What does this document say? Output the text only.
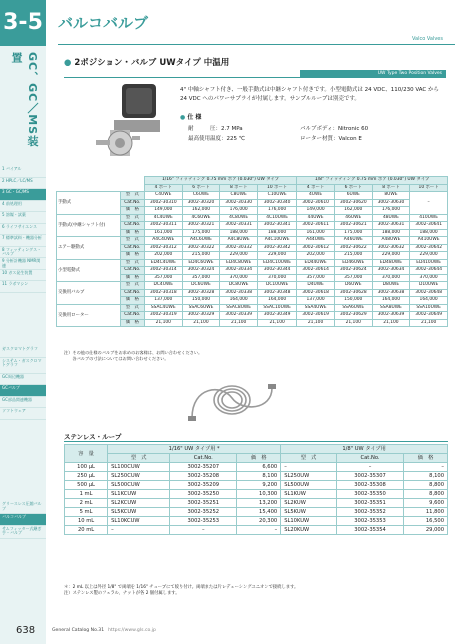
3-5
GC、GC／MS装置
1 バイアル
2 HPLC／LC/MS
3 GC・GC/MS
4 前処理用
5 溶媒・試薬
6 ライフサイエンス
7 標準試料・機器分析
8 フィッティングス・バルブ
9 分析計機器 NMR関連
10 ガス発生装置
11 ラボマシン
ガスクロマトグラフ
システム・ガスクロマトグラフ
GC周辺機器
GCバルブ
GC部品関連機器
ソフトウェア
グリースレス圧縮バルブ
バルコバルブ
サムフィッター式継ぎ手・バルブ
バルコバルブ
Valco Valves
● 2ポジション・バルブ UWタイプ 中温用
UW Type Two Position Valves
4" 中軸シャフト付き、一般手動式は中継シャフト付きです。小型電動式は 24 VDC、110/230 VAC から 24 VDC へのパワーサプライが付属します。サンプルループは別売です。
● 仕 様
耐　　　圧：2.7 MPa	バルブボディ：Nitronic 60
最高使用温度：225 ℃	ローター材質：Valcon E
		1/16" フィッティング 0.75 mm ボア (0.030") UW タイプ				1/8" フィッティング 0.75 mm ボア (0.030") UW タイプ			
		4 ポート	6 ポート	8 ポート	10 ポート	4 ポート	6 ポート	8 ポート	10 ポート
手動式	型　式	C4UWE	C6UWE	C8UWE	C10UWE	4UWE	6UWE	8UWE	–
	Cat.No.	3002-30310	3002-30320	3002-30330	3002-30340	3002-30610	3002-30620	3002-30630	
	価　格	149,000	162,000	176,000	176,000	149,000	162,000	176,000	
手動式(中継シャフト付)	型　式	4C4UWE	4C6UWE	4C8UWE	4C10UWE	44UWE	46UWE	48UWE	410UWE
	Cat.No.	3002-30311	3002-30321	3002-30331	3002-30341	3002-30611	3002-30621	3002-30631	3002-30641
	価　格	161,000	175,000	188,000	188,000	161,000	175,000	188,000	188,000
エアー駆動式	型　式	A4C4UWE	A4C6UWE	A4C8UWE	A4C10UWE	A44UWE	A46UWE	A48UWE	A410UWE
	Cat.No.	3002-30312	3002-30322	3002-30332	3002-30342	3002-30612	3002-30622	3002-30632	3002-30642
	価　格	202,000	215,000	229,000	229,000	202,000	215,000	229,000	229,000
小型電動式	型　式	ED4C4UWE	ED4C6UWE	ED4C8UWE	ED4C10UWE	ED44UWE	ED46UWE	ED48UWE	ED410UWE
	Cat.No.	3002-30314	3002-30324	3002-30334	3002-30344	3002-30614	3002-30624	3002-30634	3002-30644
	価　格	357,000	357,000	370,000	370,000	357,000	357,000	370,000	370,000
交換用バルブ	型　式	DC4UWE	DC6UWE	DC8UWE	DC10UWE	D4UWE	D6UWE	D8UWE	D10UWE
	Cat.No.	3002-30318	3002-30328	3002-30338	3002-30348	3002-30618	3002-30628	3002-30638	3002-30648
	価　格	137,000	150,000	164,000	164,000	137,000	150,000	164,000	164,000
交換用ローター	型　式	SSAC4UWE	SSAC6UWE	SSAC8UWE	SSAC10UWE	SSA4UWE	SSA6UWE	SSA8UWE	SSA10UWE
	Cat.No.	3002-30319	3002-30329	3002-30339	3002-30349	3002-30619	3002-30629	3002-30639	3002-30649
	価　格	21,100	21,100	21,100	21,100	21,100	21,100	21,100	21,100
注）その他の仕様のバルブをお求めのお客様は、お問い合わせください。
　　各バルブの寸法についてはお問い合わせください。
ステンレス・ループ
容　量	1/16" UW タイプ用 *			1/8" UW タイプ用		
	型　式	Cat.No.	価　格	型　式	Cat.No.	価　格
100 μL	SL100CUW	3002-35207	6,600	–	–	–
250 μL	SL250CUW	3002-35208	8,100	SL250UW	3002-35307	8,100
500 μL	SL500CUW	3002-35209	9,200	SL500UW	3002-35308	8,800
1 mL	SL1KCUW	3002-35250	10,300	SL1KUW	3002-35350	8,800
2 mL	SL2KCUW	3002-35251	13,200	SL2KUW	3002-35351	9,600
5 mL	SL5KCUW	3002-35252	15,400	SL5KUW	3002-35352	11,800
10 mL	SL10KCUW	3002-35253	20,300	SL10KUW	3002-35353	16,500
20 mL	–	–	–	SL20KUW	3002-35354	29,000
＊：2 mL 以上は外径 1/8" で両端を 1/16" チューブにて絞り付け。両端または片レデューシングユニオンで接続します。
注）ステンレス製のフェラル、ナットが各 2 個付属します。
638	General Catalog No.31 https://www.gls.co.jp
